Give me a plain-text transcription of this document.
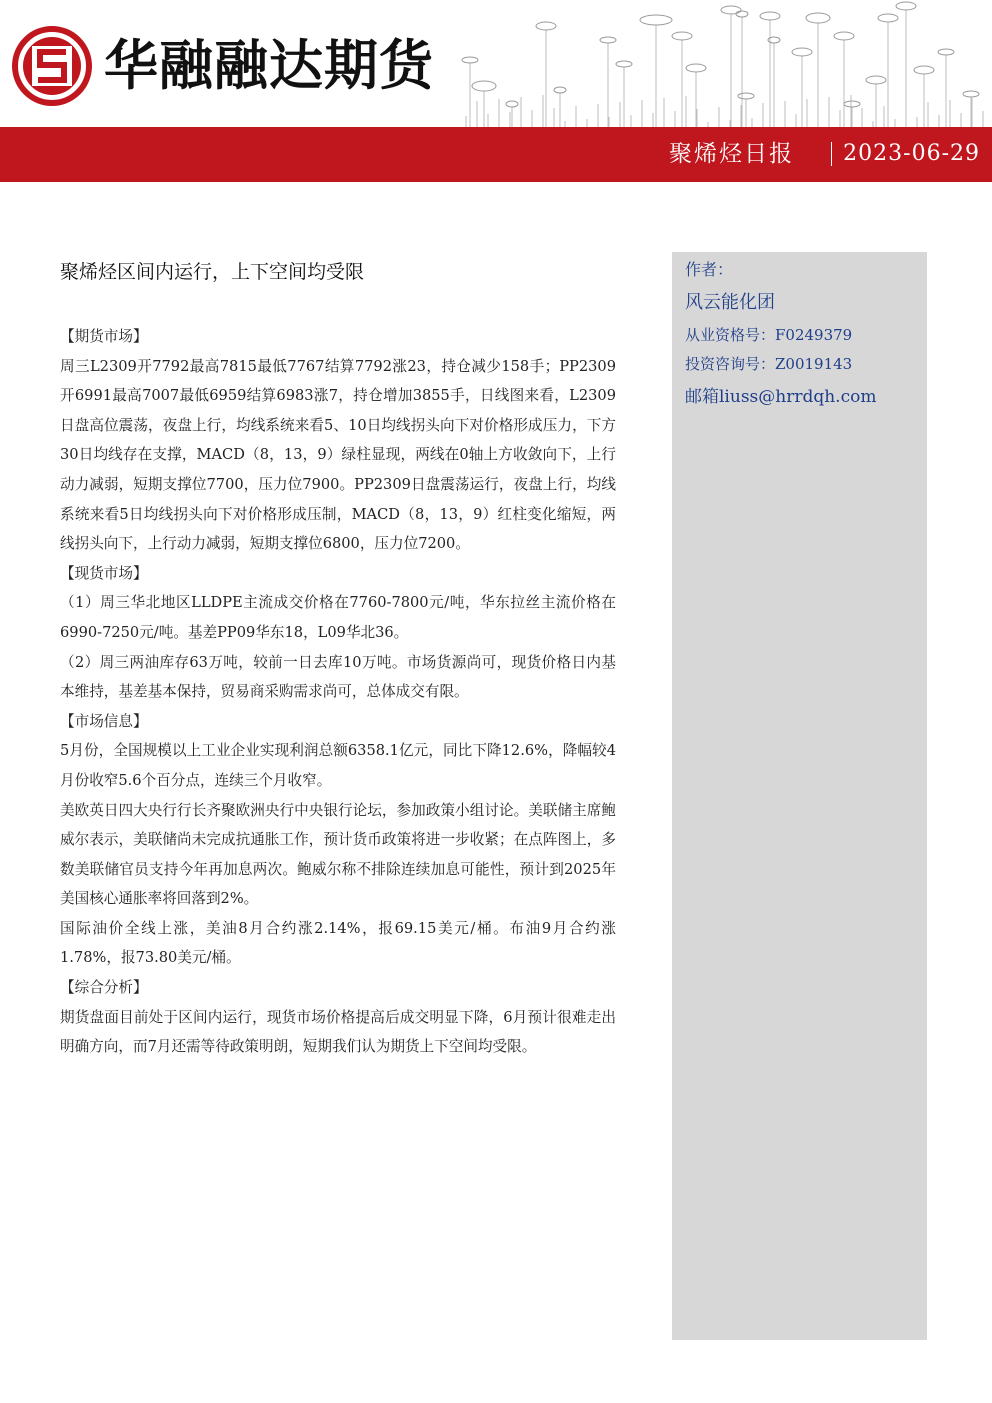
华融融达期货
聚烯烃日报 2023-06-29
聚烯烃区间内运行，上下空间均受限

【期货市场】

周三L2309开7792最高7815最低7767结算7792涨23，持仓减少158手；PP2309开6991最高7007最低6959结算6983涨7，持仓增加3855手，日线图来看，L2309日盘高位震荡，夜盘上行，均线系统来看5、10日均线拐头向下对价格形成压力，下方30日均线存在支撑，MACD（8，13，9）绿柱显现，两线在0轴上方收敛向下，上行动力减弱，短期支撑位7700，压力位7900。PP2309日盘震荡运行，夜盘上行，均线系统来看5日均线拐头向下对价格形成压制，MACD（8，13，9）红柱变化缩短，两线拐头向下，上行动力减弱，短期支撑位6800，压力位7200。

【现货市场】

（1）周三华北地区LLDPE主流成交价格在7760-7800元/吨，华东拉丝主流价格在6990-7250元/吨。基差PP09华东18，L09华北36。

（2）周三两油库存63万吨，较前一日去库10万吨。市场货源尚可，现货价格日内基本维持，基差基本保持，贸易商采购需求尚可，总体成交有限。

【市场信息】

5月份，全国规模以上工业企业实现利润总额6358.1亿元，同比下降12.6%，降幅较4月份收窄5.6个百分点，连续三个月收窄。

美欧英日四大央行行长齐聚欧洲央行中央银行论坛，参加政策小组讨论。美联储主席鲍威尔表示，美联储尚未完成抗通胀工作，预计货币政策将进一步收紧；在点阵图上，多数美联储官员支持今年再加息两次。鲍威尔称不排除连续加息可能性，预计到2025年美国核心通胀率将回落到2%。

国际油价全线上涨，美油8月合约涨2.14%，报69.15美元/桶。布油9月合约涨1.78%，报73.80美元/桶。

【综合分析】

期货盘面目前处于区间内运行，现货市场价格提高后成交明显下降，6月预计很难走出明确方向，而7月还需等待政策明朗，短期我们认为期货上下空间均受限。

作者：
风云能化团
从业资格号：F0249379
投资咨询号：Z0019143
邮箱liuss@hrrdqh.com
